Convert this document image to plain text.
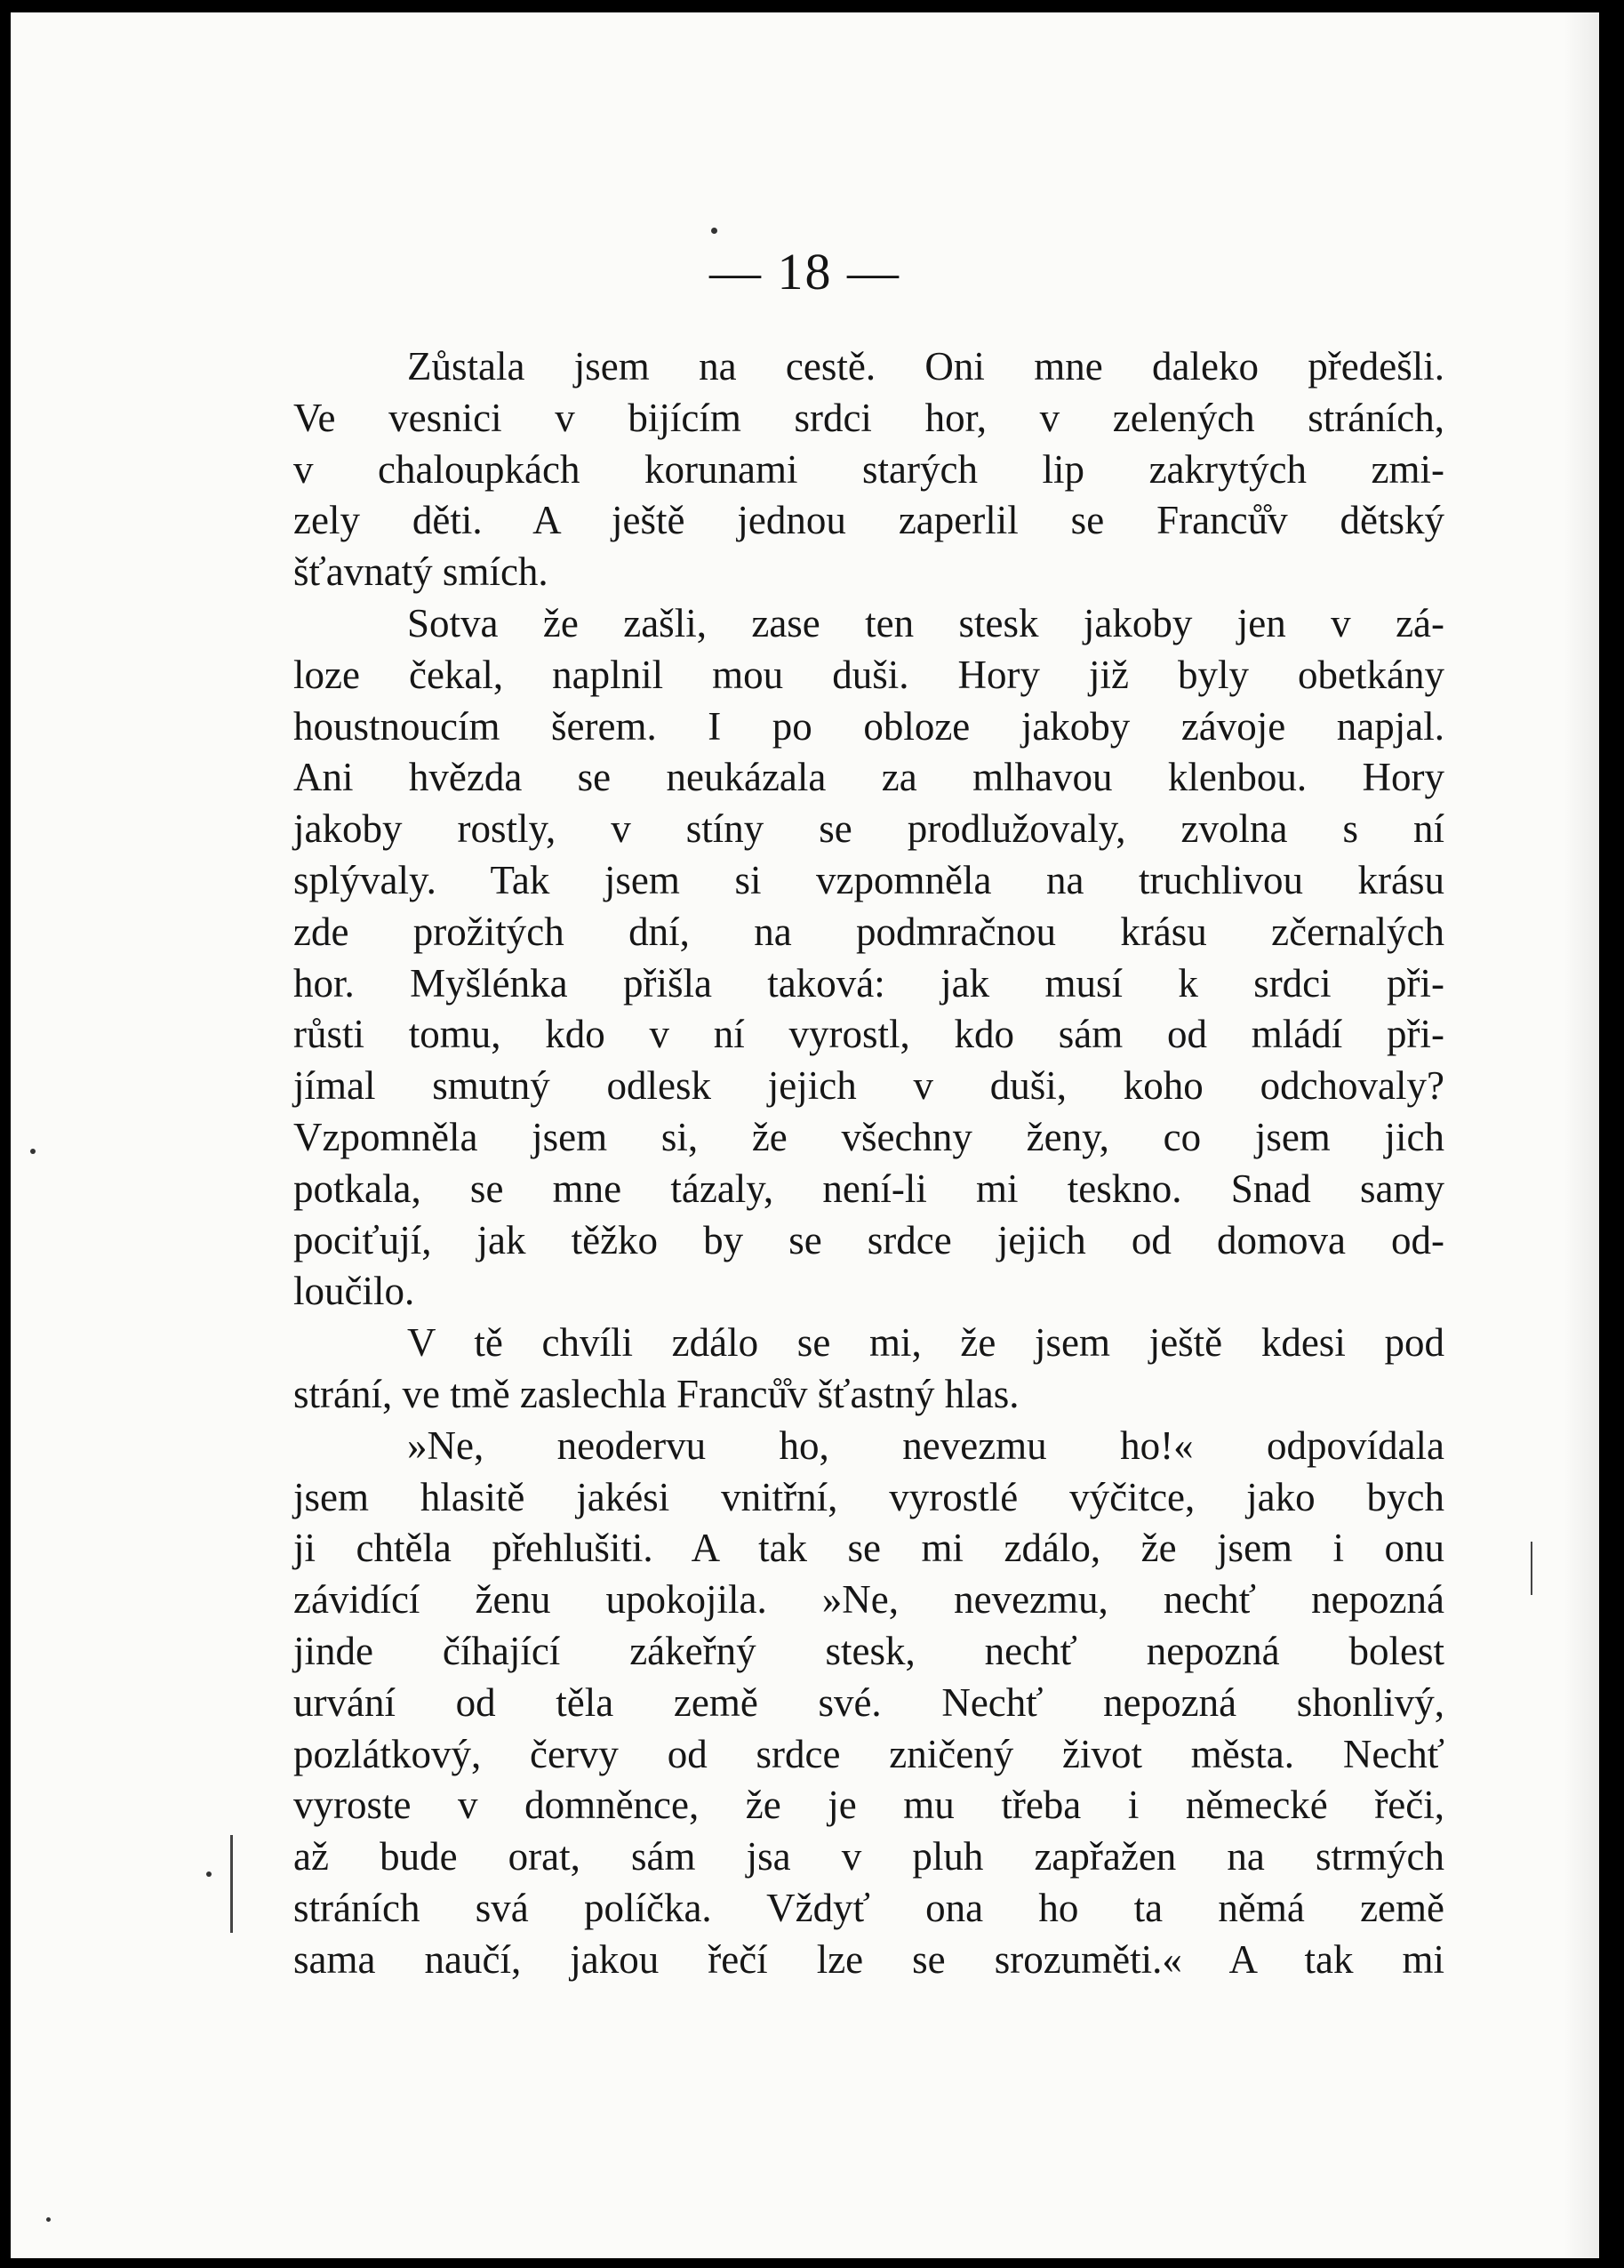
— 18 —
Zůstala jsem na cestě. Oni mne daleko předešli.
Ve vesnici v bijícím srdci hor, v zelených stráních,
v chaloupkách korunami starých lip zakrytých zmi-
zely děti. A ještě jednou zaperlil se Franců̊v dětský
šťavnatý smích.
Sotva že zašli, zase ten stesk jakoby jen v zá-
loze čekal, naplnil mou duši. Hory již byly obetkány
houstnoucím šerem. I po obloze jakoby závoje napjal.
Ani hvězda se neukázala za mlhavou klenbou. Hory
jakoby rostly, v stíny se prodlužovaly, zvolna s ní
splývaly. Tak jsem si vzpomněla na truchlivou krásu
zde prožitých dní, na podmračnou krásu zčernalých
hor. Myšlénka přišla taková: jak musí k srdci při-
růsti tomu, kdo v ní vyrostl, kdo sám od mládí při-
jímal smutný odlesk jejich v duši, koho odchovaly?
Vzpomněla jsem si, že všechny ženy, co jsem jich
potkala, se mne tázaly, není-li mi teskno. Snad samy
pociťují, jak těžko by se srdce jejich od domova od-
loučilo.
V tě chvíli zdálo se mi, že jsem ještě kdesi pod
strání, ve tmě zaslechla Franců̊v šťastný hlas.
»Ne, neodervu ho, nevezmu ho!« odpovídala
jsem hlasitě jakési vnitřní, vyrostlé výčitce, jako bych
ji chtěla přehlušiti. A tak se mi zdálo, že jsem i onu
závidící ženu upokojila. »Ne, nevezmu, nechť nepozná
jinde číhající zákeřný stesk, nechť nepozná bolest
urvání od těla země své. Nechť nepozná shonlivý,
pozlátkový, červy od srdce zničený život města. Nechť
vyroste v domněnce, že je mu třeba i německé řeči,
až bude orat, sám jsa v pluh zapřažen na strmých
stráních svá políčka. Vždyť ona ho ta němá země
sama naučí, jakou řečí lze se srozuměti.« A tak mi
